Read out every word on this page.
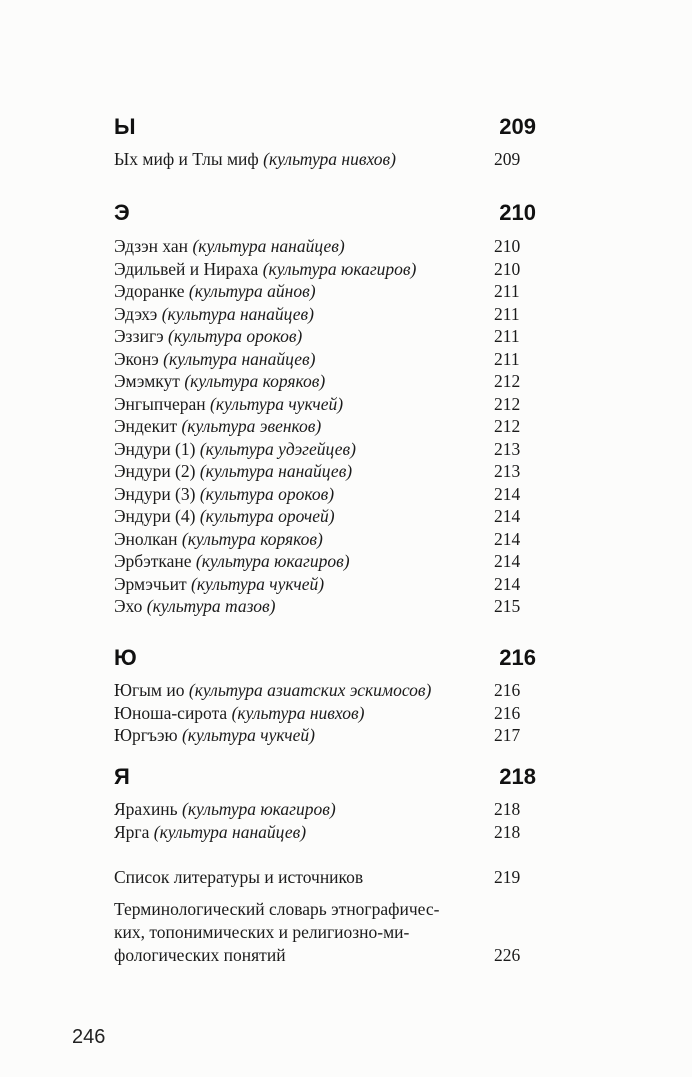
Ы	209
Ых миф и Тлы миф (культура нивхов)	209
Э	210
Эдзэн хан (культура нанайцев)	210
Эдильвей и Нираха (культура юкагиров)	210
Эдоранке (культура айнов)	211
Эдэхэ (культура нанайцев)	211
Эззигэ (культура ороков)	211
Эконэ (культура нанайцев)	211
Эмэмкут (культура коряков)	212
Энгыпчеран (культура чукчей)	212
Эндекит (культура эвенков)	212
Эндури (1) (культура удэгейцев)	213
Эндури (2) (культура нанайцев)	213
Эндури (3) (культура ороков)	214
Эндури (4) (культура орочей)	214
Энолкан (культура коряков)	214
Эрбэткане (культура юкагиров)	214
Эрмэчьит (культура чукчей)	214
Эхо (культура тазов)	215
Ю	216
Югым ио (культура азиатских эскимосов)	216
Юноша-сирота (культура нивхов)	216
Юргъэю (культура чукчей)	217
Я	218
Ярахинь (культура юкагиров)	218
Ярга (культура нанайцев)	218
Список литературы и источников	219
Терминологический словарь этнографичес-
ких, топонимических и религиозно-ми-
фологических понятий	226
246
